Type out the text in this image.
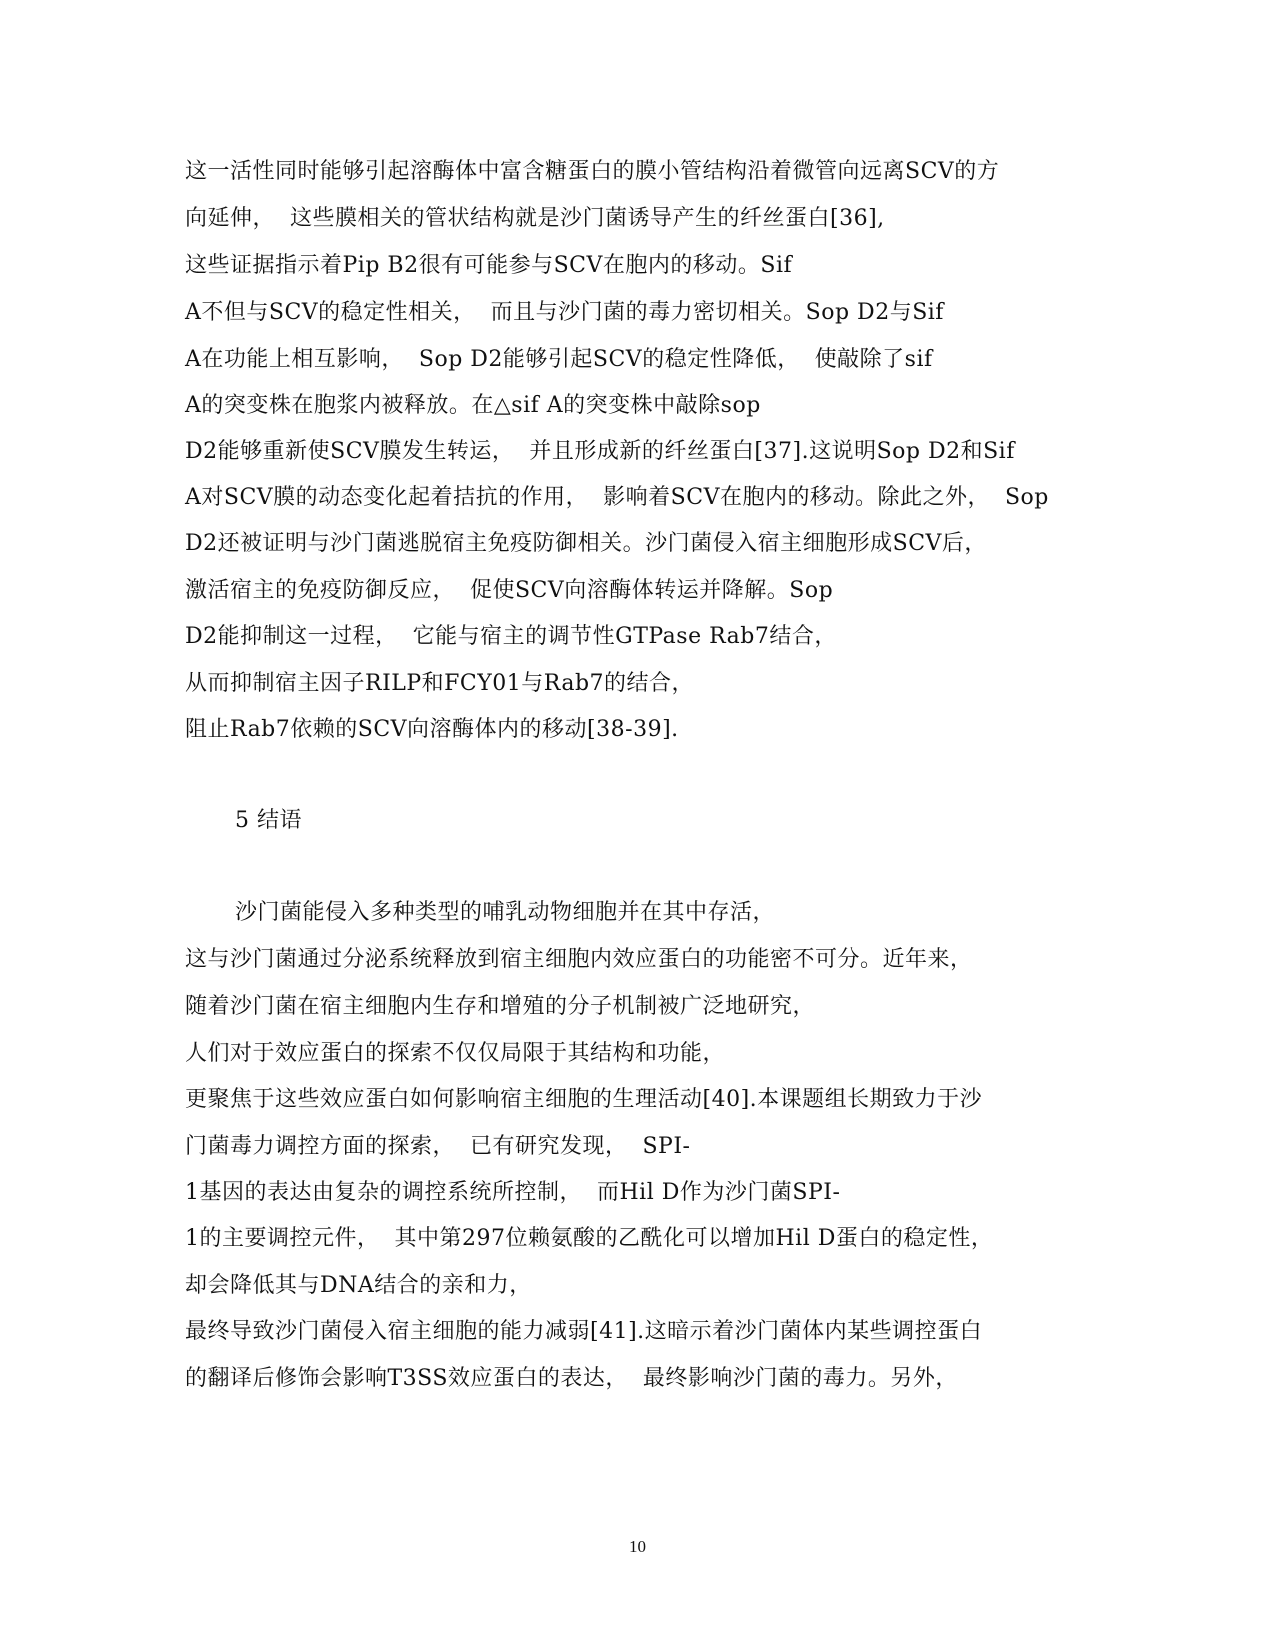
这一活性同时能够引起溶酶体中富含糖蛋白的膜小管结构沿着微管向远离SCV的方
向延伸，  这些膜相关的管状结构就是沙门菌诱导产生的纤丝蛋白[36],
这些证据指示着Pip B2很有可能参与SCV在胞内的移动。Sif
A不但与SCV的稳定性相关，  而且与沙门菌的毒力密切相关。Sop D2与Sif
A在功能上相互影响，  Sop D2能够引起SCV的稳定性降低，  使敲除了sif
A的突变株在胞浆内被释放。在△sif A的突变株中敲除sop
D2能够重新使SCV膜发生转运，  并且形成新的纤丝蛋白[37].这说明Sop D2和Sif
A对SCV膜的动态变化起着拮抗的作用，  影响着SCV在胞内的移动。除此之外，  Sop
D2还被证明与沙门菌逃脱宿主免疫防御相关。沙门菌侵入宿主细胞形成SCV后，
激活宿主的免疫防御反应，  促使SCV向溶酶体转运并降解。Sop
D2能抑制这一过程，  它能与宿主的调节性GTPase Rab7结合，
从而抑制宿主因子RILP和FCY01与Rab7的结合，
阻止Rab7依赖的SCV向溶酶体内的移动[38-39].
5 结语
沙门菌能侵入多种类型的哺乳动物细胞并在其中存活，
这与沙门菌通过分泌系统释放到宿主细胞内效应蛋白的功能密不可分。近年来，
随着沙门菌在宿主细胞内生存和增殖的分子机制被广泛地研究，
人们对于效应蛋白的探索不仅仅局限于其结构和功能，
更聚焦于这些效应蛋白如何影响宿主细胞的生理活动[40].本课题组长期致力于沙
门菌毒力调控方面的探索，  已有研究发现，  SPI-
1基因的表达由复杂的调控系统所控制，  而Hil D作为沙门菌SPI-
1的主要调控元件，  其中第297位赖氨酸的乙酰化可以增加Hil D蛋白的稳定性，
却会降低其与DNA结合的亲和力，
最终导致沙门菌侵入宿主细胞的能力减弱[41].这暗示着沙门菌体内某些调控蛋白
的翻译后修饰会影响T3SS效应蛋白的表达，  最终影响沙门菌的毒力。另外，
10
